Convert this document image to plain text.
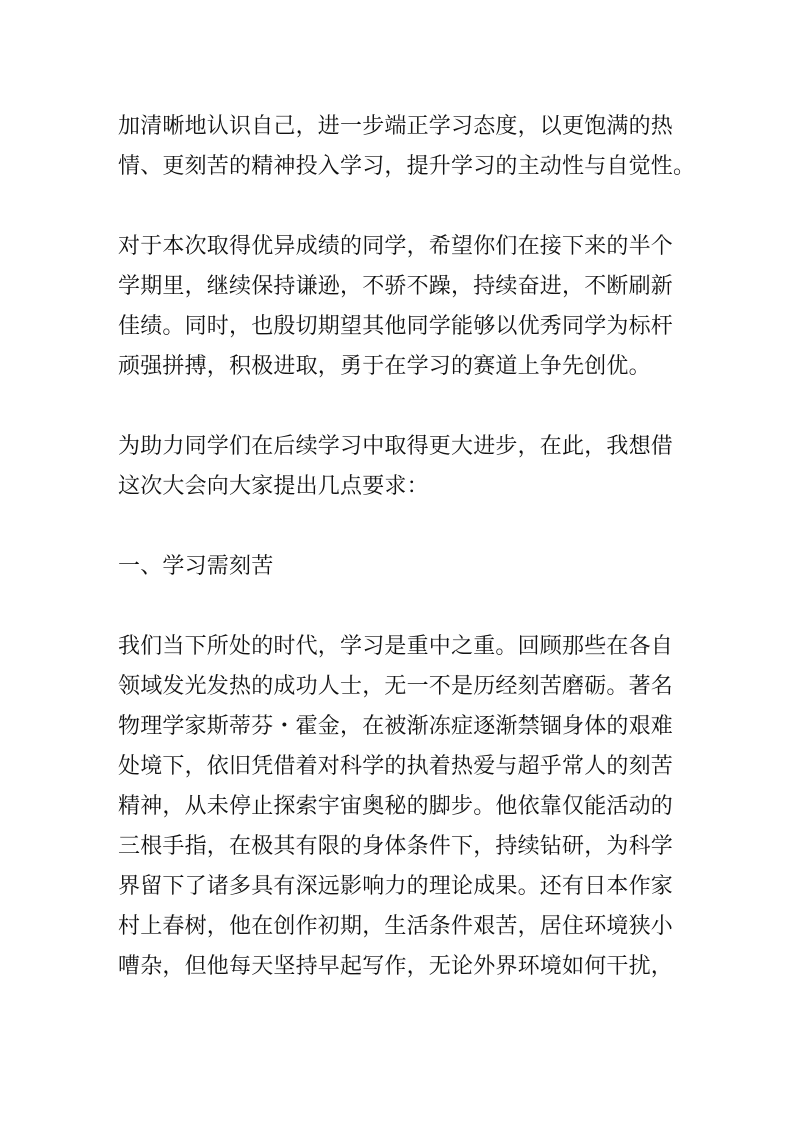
加清晰地认识自己，进一步端正学习态度，以更饱满的热
情、更刻苦的精神投入学习，提升学习的主动性与自觉性。
对于本次取得优异成绩的同学，希望你们在接下来的半个
学期里，继续保持谦逊，不骄不躁，持续奋进，不断刷新
佳绩。同时，也殷切期望其他同学能够以优秀同学为标杆
顽强拼搏，积极进取，勇于在学习的赛道上争先创优。
为助力同学们在后续学习中取得更大进步，在此，我想借
这次大会向大家提出几点要求：
一、学习需刻苦
我们当下所处的时代，学习是重中之重。回顾那些在各自
领域发光发热的成功人士，无一不是历经刻苦磨砺。著名
物理学家斯蒂芬・霍金，在被渐冻症逐渐禁锢身体的艰难
处境下，依旧凭借着对科学的执着热爱与超乎常人的刻苦
精神，从未停止探索宇宙奥秘的脚步。他依靠仅能活动的
三根手指，在极其有限的身体条件下，持续钻研，为科学
界留下了诸多具有深远影响力的理论成果。还有日本作家
村上春树，他在创作初期，生活条件艰苦，居住环境狭小
嘈杂，但他每天坚持早起写作，无论外界环境如何干扰，
